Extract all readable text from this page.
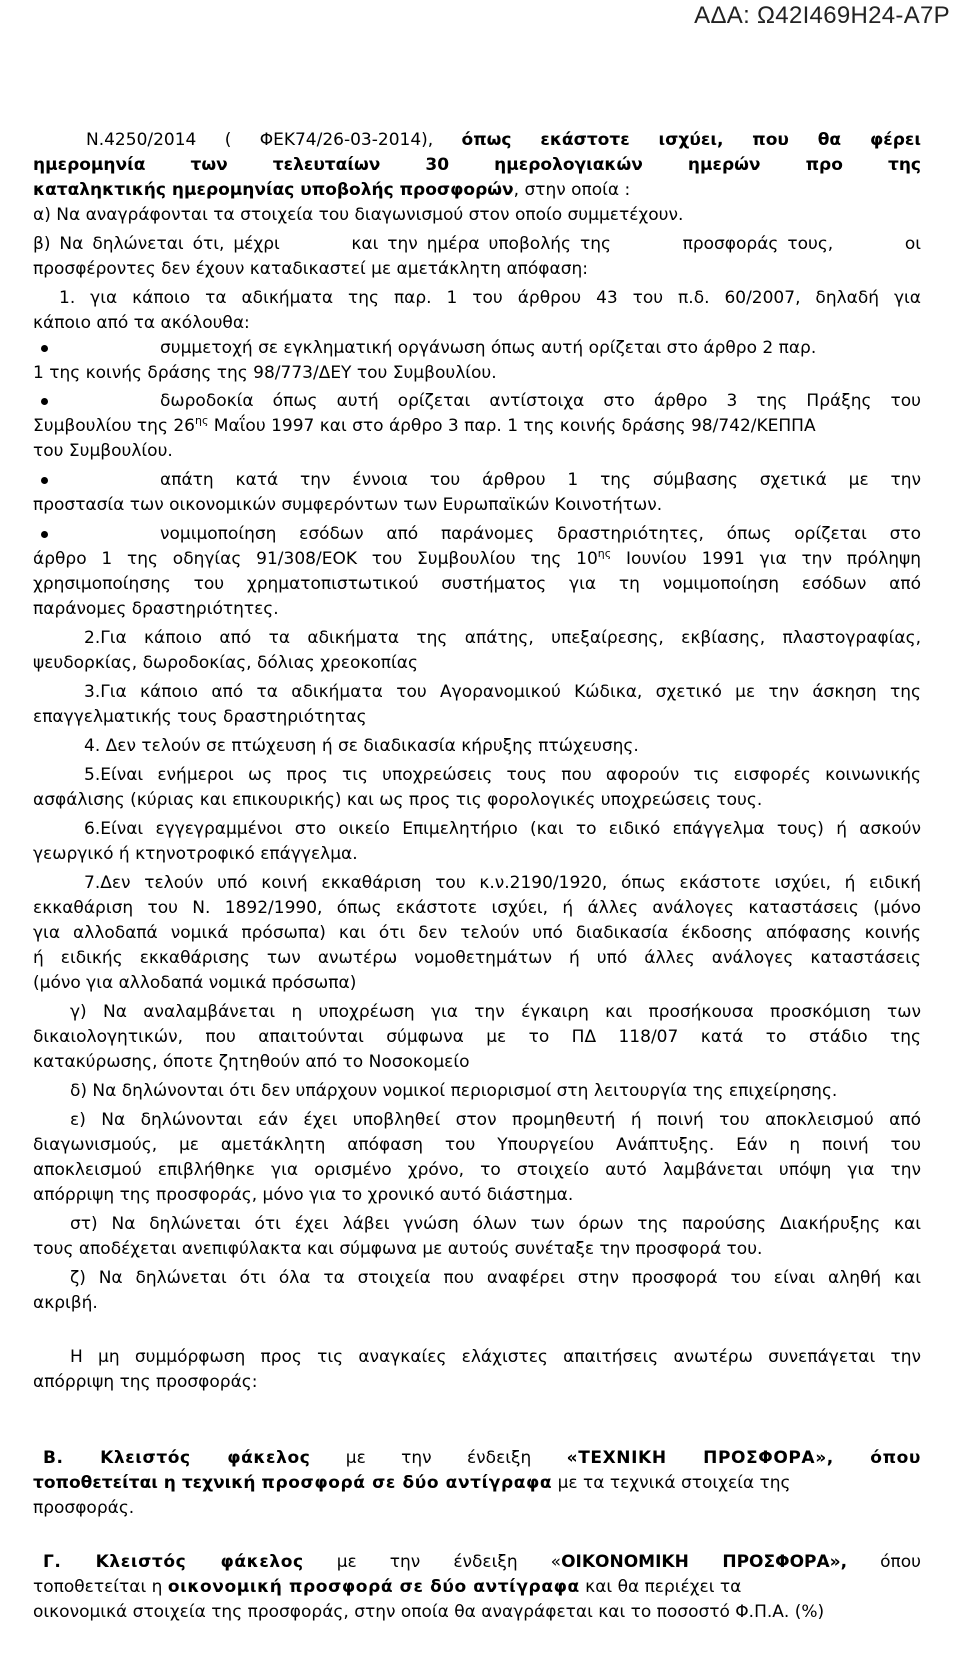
ΑΔΑ: Ω42Ι469Η24-Α7Ρ
Ν.4250/2014 ( ΦΕΚ74/26-03-2014), όπως εκάστοτε ισχύει, που θα φέρει
ημερομηνία των τελευταίων 30 ημερολογιακών ημερών προ της
καταληκτικής ημερομηνίας υποβολής προσφορών, στην οποία :
α) Να αναγράφονται τα στοιχεία του διαγωνισμού στον οποίο συμμετέχουν.
β) Να δηλώνεται ότι, μέχρι        και την ημέρα υποβολής της        προσφοράς τους,        οι
προσφέροντες δεν έχουν καταδικαστεί με αμετάκλητη απόφαση:
1. για κάποιο τα αδικήματα της παρ. 1 του άρθρου 43 του π.δ. 60/2007, δηλαδή για
κάποιο από τα ακόλουθα:
συμμετοχή σε εγκληματική οργάνωση όπως αυτή ορίζεται στο άρθρο 2 παρ.
1 της κοινής δράσης της 98/773/ΔΕΥ του Συμβουλίου.
δωροδοκία όπως αυτή ορίζεται αντίστοιχα στο άρθρο 3 της Πράξης του
Συμβουλίου της $26^{\eta\varsigma}$ Μαΐου 1997 και στο άρθρο 3 παρ. 1 της κοινής δράσης 98/742/ΚΕΠΠΑ
του Συμβουλίου.
απάτη κατά την έννοια του άρθρου 1 της σύμβασης σχετικά με την
προστασία των οικονομικών συμφερόντων των Ευρωπαϊκών Κοινοτήτων.
νομιμοποίηση εσόδων από παράνομες δραστηριότητες, όπως ορίζεται στο
άρθρο 1 της οδηγίας 91/308/ΕΟΚ του Συμβουλίου της $10^{\eta\varsigma}$ Ιουνίου 1991 για την πρόληψη
χρησιμοποίησης του χρηματοπιστωτικού συστήματος για τη νομιμοποίηση εσόδων από
παράνομες δραστηριότητες.
2.Για κάποιο από τα αδικήματα της απάτης, υπεξαίρεσης, εκβίασης, πλαστογραφίας,
ψευδορκίας, δωροδοκίας, δόλιας χρεοκοπίας
3.Για κάποιο από τα αδικήματα του Αγορανομικού Κώδικα, σχετικό με την άσκηση της
επαγγελματικής τους δραστηριότητας
4. Δεν τελούν σε πτώχευση ή σε διαδικασία κήρυξης πτώχευσης.
5.Είναι ενήμεροι ως προς τις υποχρεώσεις τους που αφορούν τις εισφορές κοινωνικής
ασφάλισης (κύριας και επικουρικής) και ως προς τις φορολογικές υποχρεώσεις τους.
6.Είναι εγγεγραμμένοι στο οικείο Επιμελητήριο (και το ειδικό επάγγελμα τους) ή ασκούν
γεωργικό ή κτηνοτροφικό επάγγελμα.
7.Δεν τελούν υπό κοινή εκκαθάριση του κ.ν.2190/1920, όπως εκάστοτε ισχύει, ή ειδική
εκκαθάριση του Ν. 1892/1990, όπως εκάστοτε ισχύει, ή άλλες ανάλογες καταστάσεις (μόνο
για αλλοδαπά νομικά πρόσωπα) και ότι δεν τελούν υπό διαδικασία έκδοσης απόφασης κοινής
ή ειδικής εκκαθάρισης των ανωτέρω νομοθετημάτων ή υπό άλλες ανάλογες καταστάσεις
(μόνο για αλλοδαπά νομικά πρόσωπα)
γ) Να αναλαμβάνεται η υποχρέωση για την έγκαιρη και προσήκουσα προσκόμιση των
δικαιολογητικών, που απαιτούνται σύμφωνα με το ΠΔ 118/07 κατά το στάδιο της
κατακύρωσης, όποτε ζητηθούν από το Νοσοκομείο
δ) Να δηλώνονται ότι δεν υπάρχουν νομικοί περιορισμοί στη λειτουργία της επιχείρησης.
ε) Να δηλώνονται εάν έχει υποβληθεί στον προμηθευτή ή ποινή του αποκλεισμού από
διαγωνισμούς, με αμετάκλητη απόφαση του Υπουργείου Ανάπτυξης. Εάν η ποινή του
αποκλεισμού επιβλήθηκε για ορισμένο χρόνο, το στοιχείο αυτό λαμβάνεται υπόψη για την
απόρριψη της προσφοράς, μόνο για το χρονικό αυτό διάστημα.
στ) Να δηλώνεται ότι έχει λάβει γνώση όλων των όρων της παρούσης Διακήρυξης και
τους αποδέχεται ανεπιφύλακτα και σύμφωνα με αυτούς συνέταξε την προσφορά του.
ζ) Να δηλώνεται ότι όλα τα στοιχεία που αναφέρει στην προσφορά του είναι αληθή και
ακριβή.
Η μη συμμόρφωση προς τις αναγκαίες ελάχιστες απαιτήσεις ανωτέρω συνεπάγεται την
απόρριψη της προσφοράς:
Β. Κλειστός φάκελος με την ένδειξη «ΤΕΧΝΙΚΗ ΠΡΟΣΦΟΡΑ», όπου
τοποθετείται η τεχνική προσφορά σε δύο αντίγραφα με τα τεχνικά στοιχεία της
προσφοράς.
Γ. Κλειστός φάκελος με την ένδειξη «ΟΙΚΟΝΟΜΙΚΗ ΠΡΟΣΦΟΡΑ», όπου
τοποθετείται η οικονομική προσφορά σε δύο αντίγραφα και θα περιέχει τα
οικονομικά στοιχεία της προσφοράς, στην οποία θα αναγράφεται και το ποσοστό Φ.Π.Α. (%)
